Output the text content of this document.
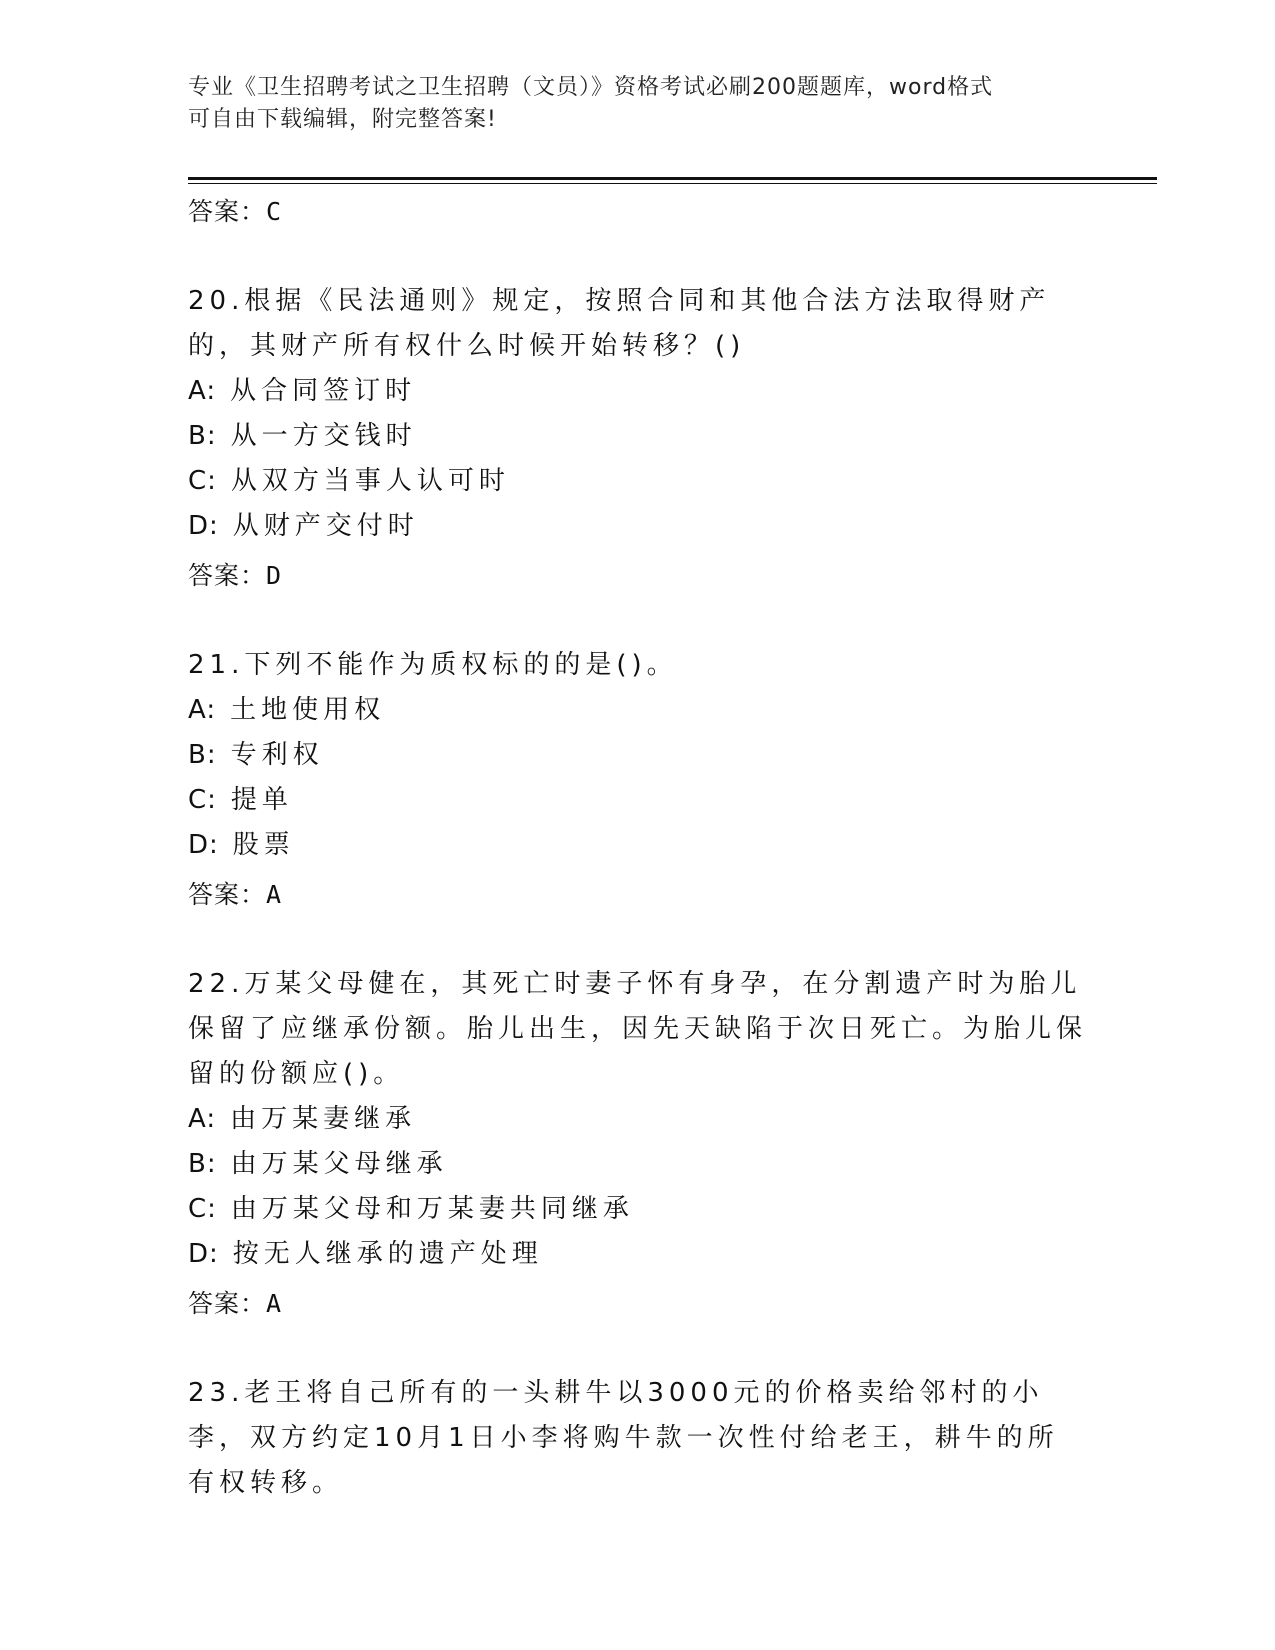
专业《卫生招聘考试之卫生招聘（文员）》资格考试必刷200题题库，word格式
可自由下载编辑，附完整答案!
答案：C
20.根据《民法通则》规定，按照合同和其他合法方法取得财产的，其财产所有权什么时候开始转移？()
A: 从合同签订时
B: 从一方交钱时
C: 从双方当事人认可时
D: 从财产交付时
答案：D
21.下列不能作为质权标的的是()。
A: 土地使用权
B: 专利权
C: 提单
D: 股票
答案：A
22.万某父母健在，其死亡时妻子怀有身孕，在分割遗产时为胎儿保留了应继承份额。胎儿出生，因先天缺陷于次日死亡。为胎儿保留的份额应()。
A: 由万某妻继承
B: 由万某父母继承
C: 由万某父母和万某妻共同继承
D: 按无人继承的遗产处理
答案：A
23.老王将自己所有的一头耕牛以3000元的价格卖给邻村的小李，双方约定10月1日小李将购牛款一次性付给老王，耕牛的所有权转移。
